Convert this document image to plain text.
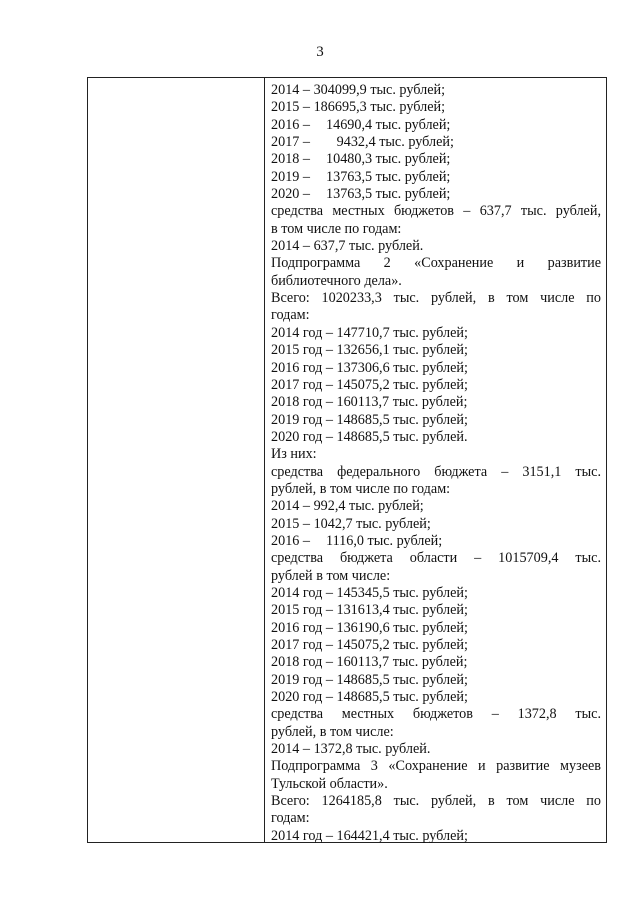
3
2014 – 304099,9 тыс. рублей;
2015 – 186695,3 тыс. рублей;
2016 –	14690,4 тыс. рублей;
2017 –	9432,4 тыс. рублей;
2018 –	10480,3 тыс. рублей;
2019 –	13763,5 тыс. рублей;
2020 –	13763,5 тыс. рублей;
средства местных бюджетов – 637,7 тыс. рублей,
в том числе по годам:
2014 – 637,7 тыс. рублей.
Подпрограмма 2 «Сохранение и развитие
библиотечного дела».
Всего: 1020233,3 тыс. рублей, в том числе по
годам:
2014 год – 147710,7 тыс. рублей;
2015 год – 132656,1 тыс. рублей;
2016 год – 137306,6 тыс. рублей;
2017 год – 145075,2 тыс. рублей;
2018 год – 160113,7 тыс. рублей;
2019 год – 148685,5 тыс. рублей;
2020 год – 148685,5 тыс. рублей.
Из них:
средства федерального бюджета – 3151,1 тыс.
рублей, в том числе по годам:
2014 – 992,4 тыс. рублей;
2015 – 1042,7 тыс. рублей;
2016 –	1116,0 тыс. рублей;
средства бюджета области – 1015709,4 тыс.
рублей в том числе:
2014 год – 145345,5 тыс. рублей;
2015 год – 131613,4 тыс. рублей;
2016 год – 136190,6 тыс. рублей;
2017 год – 145075,2 тыс. рублей;
2018 год – 160113,7 тыс. рублей;
2019 год – 148685,5 тыс. рублей;
2020 год – 148685,5 тыс. рублей;
средства местных бюджетов – 1372,8 тыс.
рублей, в том числе:
2014 – 1372,8 тыс. рублей.
Подпрограмма 3 «Сохранение и развитие музеев
Тульской области».
Всего: 1264185,8 тыс. рублей, в том числе по
годам:
2014 год – 164421,4 тыс. рублей;
